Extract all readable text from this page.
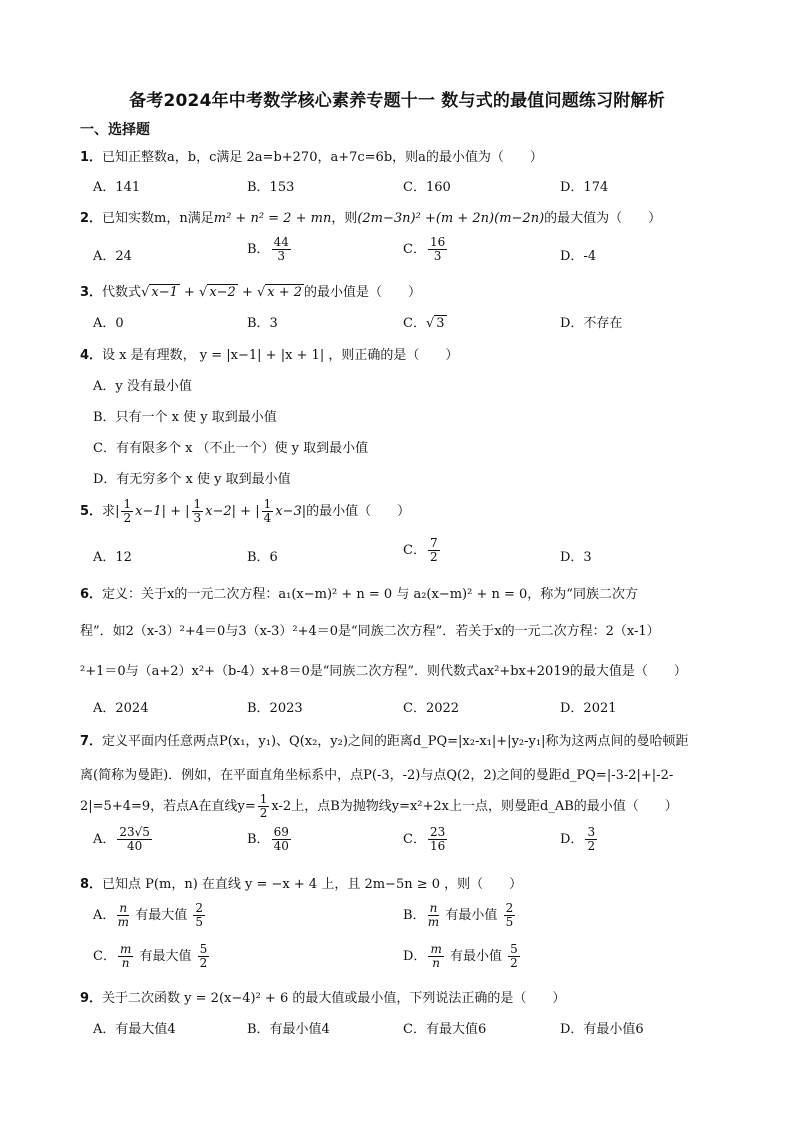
备考2024年中考数学核心素养专题十一 数与式的最值问题练习附解析
一、选择题
1．已知正整数a，b，c满足 2a=b+270，a+7c=6b，则a的最小值为（　　）
A．141	B．153	C．160	D．174
2．已知实数m，n满足m² + n² = 2 + mn，则(2m−3n)² +(m + 2n)(m−2n)的最大值为（　　）
A．24	B． $\frac{44}{3}$	C． $\frac{16}{3}$	D．-4
3．代数式√ x−1 + √ x−2 + √ x + 2 的最小值是（　　）
A．0	B．3	C．√ 3	D．不存在
4．设 x 是有理数， y = |x−1| + |x + 1| ，则正确的是（　　）
A．y 没有最小值
B．只有一个 x 使 y 取到最小值
C．有有限多个 x （不止一个）使 y 取到最小值
D．有无穷多个 x 使 y 取到最小值
5．求| $\frac{1}{2} x-1|$ + | $\frac{1}{3} x-2|$ + | $\frac{1}{4} x-3|$的最小值（　　）
A．12	B．6	C． $\frac{7}{2}$	D．3
6．定义：关于x的一元二次方程：a₁(x−m)² + n = 0 与 a₂(x−m)² + n = 0，称为“同族二次方
程”．如2（x-3）²+4＝0与3（x-3）²+4＝0是“同族二次方程”．若关于x的一元二次方程：2（x-1）
²+1＝0与（a+2）x²+（b-4）x+8＝0是“同族二次方程”．则代数式ax²+bx+2019的最大值是（　　）
A．2024	B．2023	C．2022	D．2021
7．定义平面内任意两点P(x₁，y₁)、Q(x₂，y₂)之间的距离d_PQ=|x₂-x₁|+|y₂-y₁|称为这两点间的曼哈顿距
离(简称为曼距)．例如，在平面直角坐标系中，点P(-3，-2)与点Q(2，2)之间的曼距d_PQ=|-3-2|+|-2-
2|=5+4=9，若点A在直线$y= \frac{1}{2} x-2$上，点B为抛物线y=x²+2x上一点，则曼距d_AB的最小值（　　）
A． $\frac{23√5}{40}$	B． $\frac{69}{40}$	C． $\frac{23}{16}$	D． $\frac{3}{2}$
8．已知点 P(m，n) 在直线 y = −x + 4 上，且 2m−5n ≥ 0 ，则（　　）
A． $\frac{n}{m}$ 有最大值 $\frac{2}{5}$	B． $\frac{n}{m}$ 有最小值 $\frac{2}{5}$
C． $\frac{m}{n}$ 有最大值 $\frac{5}{2}$	D． $\frac{m}{n}$ 有最小值 $\frac{5}{2}$
9．关于二次函数 y = 2(x−4)² + 6 的最大值或最小值，下列说法正确的是（　　）
A．有最大值4	B．有最小值4	C．有最大值6	D．有最小值6
